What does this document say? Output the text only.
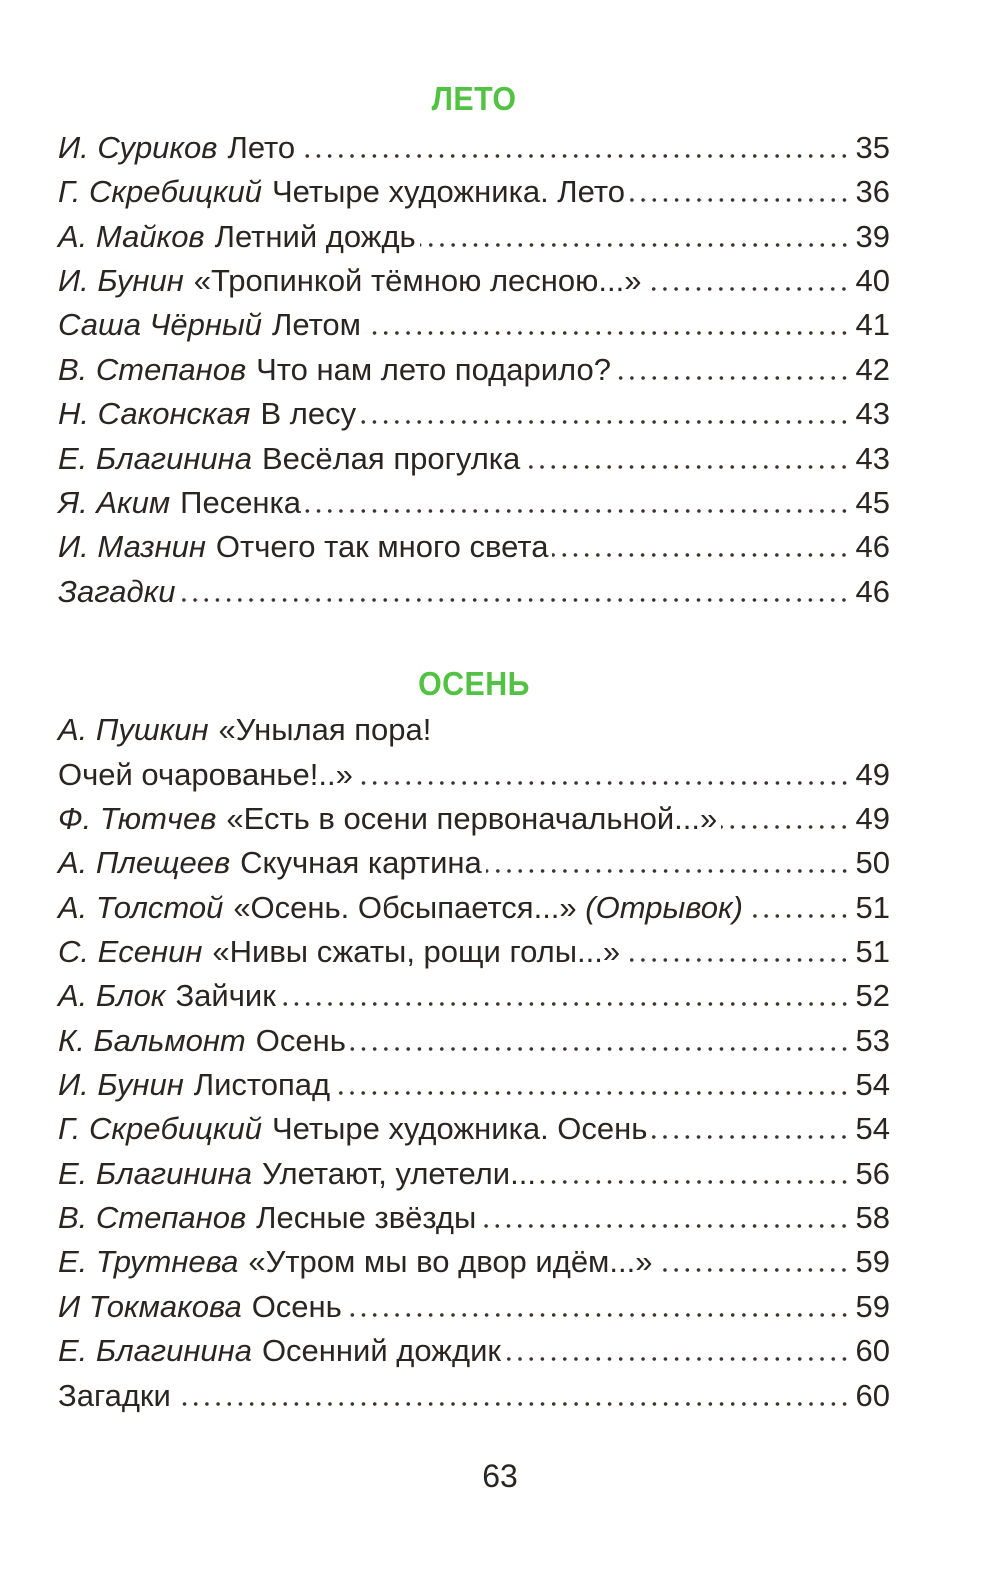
ЛЕТО
И. Суриков Лето	35
Г. Скребицкий Четыре художника. Лето	36
А. Майков Летний дождь	39
И. Бунин «Тропинкой тёмною лесною...»	40
Саша Чёрный Летом	41
В. Степанов Что нам лето подарило?	42
Н. Саконская В лесу	43
Е. Благинина Весёлая прогулка	43
Я. Аким Песенка	45
И. Мазнин Отчего так много света	46
Загадки	46
ОСЕНЬ
А. Пушкин «Унылая пора!
Очей очарованье!..»	49
Ф. Тютчев «Есть в осени первоначальной...»	49
А. Плещеев Скучная картина	50
А. Толстой «Осень. Обсыпается...» (Отрывок)	51
С. Есенин «Нивы сжаты, рощи голы...»	51
А. Блок Зайчик	52
К. Бальмонт Осень	53
И. Бунин Листопад	54
Г. Скребицкий Четыре художника. Осень	54
Е. Благинина Улетают, улетели...	56
В. Степанов Лесные звёзды	58
Е. Трутнева «Утром мы во двор идём...»	59
И Токмакова Осень	59
Е. Благинина Осенний дождик	60
Загадки	60
63
